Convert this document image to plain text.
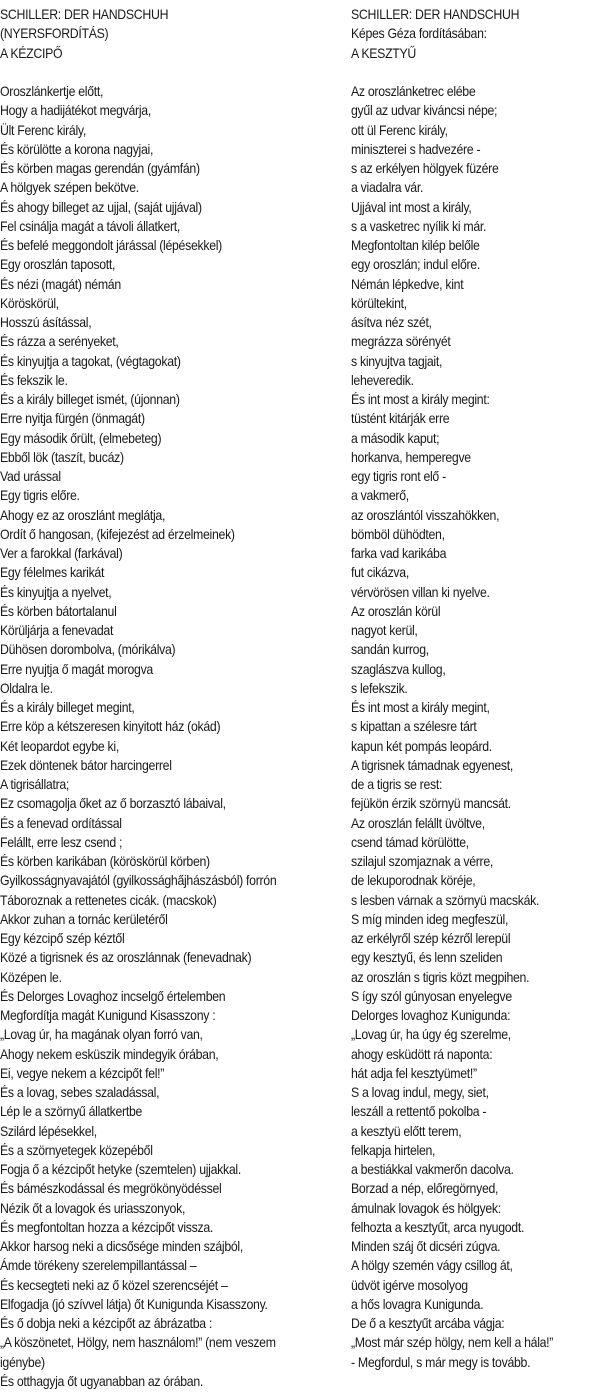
SCHILLER: DER HANDSCHUH
(NYERSFORDÍTÁS)
A KÉZCIPŐ
Oroszlánkertje előtt,
Hogy a hadijátékot megvárja,
Ült Ferenc király,
És körülötte a korona nagyjai,
És körben magas gerendán (gyámfán)
A hölgyek szépen bekötve.
És ahogy billeget az ujjal, (saját ujjával)
Fel csinálja magát a távoli állatkert,
És befelé meggondolt járással (lépésekkel)
Egy oroszlán taposott,
És nézi (magát) némán
Köröskörül,
Hosszú ásítással,
És rázza a serényeket,
És kinyujtja a tagokat, (végtagokat)
És fekszik le.
És a király billeget ismét, (újonnan)
Erre nyitja fürgén (önmagát)
Egy második őrült, (elmebeteg)
Ebből lök (taszít, bucáz)
Vad urással
Egy tigris előre.
Ahogy ez az oroszlánt meglátja,
Ordít ő hangosan, (kifejezést ad érzelmeinek)
Ver a farokkal (farkával)
Egy félelmes karikát
És kinyujtja a nyelvet,
És körben bátortalanul
Körüljárja a fenevadat
Dühösen dorombolva, (mórikálva)
Erre nyujtja ő magát morogva
Oldalra le.
És a király billeget megint,
Erre köp a kétszeresen kinyitott ház (okád)
Két leopardot egybe ki,
Ezek döntenek bátor harcingerrel
A tigrisállatra;
Ez csomagolja őket az ő borzasztó lábaival,
És a fenevad ordítással
Felállt, erre lesz csend ;
És körben karikában (köröskörül körben)
Gyilkosságnyavajától (gyilkosságha̋jhászásból) forrón
Táboroznak a rettenetes cicák. (macskok)
Akkor zuhan a tornác kerületéről
Egy kézcipő szép kéztől
Közé a tigrisnek és az oroszlánnak (fenevadnak)
Középen le.
És Delorges Lovaghoz incselgő értelemben
Megfordítja magát Kunigund Kisasszony :
„Lovag úr, ha magának olyan forró van,
Ahogy nekem esküszik mindegyik órában,
Ei, vegye nekem a kézcipőt fel!”
És a lovag, sebes szaladással,
Lép le a szörnyű állatkertbe
Szilárd lépésekkel,
És a szörnyetegek közepéből
Fogja ő a kézcipőt hetyke (szemtelen) ujjakkal.
És bámészkodással és megrökönyödéssel
Nézik őt a lovagok és uriasszonyok,
És megfontoltan hozza a kézcipőt vissza.
Akkor harsog neki a dicsősége minden szájból,
Ámde törékeny szerelempillantással –
És kecsegteti neki az ő közel szerencséjét –
Elfogadja (jó szívvel látja) őt Kunigunda Kisasszony.
És ő dobja neki a kézcipőt az ábrázatba :
„A köszönetet, Hölgy, nem használom!” (nem veszem
igénybe)
És otthagyja őt ugyanabban az órában.
SCHILLER: DER HANDSCHUH
Képes Géza fordításában:
A KESZTYŰ
Az oroszlánketrec elébe
gyűl az udvar kiváncsi népe;
ott ül Ferenc király,
miniszterei s hadvezére -
s az erkélyen hölgyek füzére
a viadalra vár.
Ujjával int most a király,
s a vasketrec nyílik ki már.
Megfontoltan kilép belőle
egy oroszlán; indul előre.
Némán lépkedve, kint
körültekint,
ásítva néz szét,
megrázza sörényét
s kinyujtva tagjait,
leheveredik.
És int most a király megint:
tüstént kitárják erre
a második kaput;
horkanva, hemperegve
egy tigris ront elő -
a vakmerő,
az oroszlántól visszahökken,
bömböl dühödten,
farka vad karikába
fut cikázva,
vérvörösen villan ki nyelve.
Az oroszlán körül
nagyot kerül,
sandán kurrog,
szaglászva kullog,
s lefekszik.
És int most a király megint,
s kipattan a szélesre tárt
kapun két pompás leopárd.
A tigrisnek támadnak egyenest,
de a tigris se rest:
fejükön érzik szörnyü mancsát.
Az oroszlán felállt üvöltve,
csend támad körülötte,
szilajul szomjaznak a vérre,
de lekuporodnak köréje,
s lesben várnak a szörnyü macskák.
S míg minden ideg megfeszül,
az erkélyről szép kézről lerepül
egy kesztyű, és lenn szeliden
az oroszlán s tigris közt megpihen.
S így szól gúnyosan enyelegve
Delorges lovaghoz Kunigunda:
„Lovag úr, ha úgy ég szerelme,
ahogy esküdött rá naponta:
hát adja fel kesztyümet!”
S a lovag indul, megy, siet,
leszáll a rettentő pokolba -
a kesztyü előtt terem,
felkapja hirtelen,
a bestiákkal vakmerőn dacolva.
Borzad a nép, előregörnyed,
ámulnak lovagok és hölgyek:
felhozta a kesztyűt, arca nyugodt.
Minden száj őt dicséri zúgva.
A hölgy szemén vágy csillog át,
üdvöt igérve mosolyog
a hős lovagra Kunigunda.
De ő a kesztyűt arcába vágja:
„Most már szép hölgy, nem kell a hála!”
- Megfordul, s már megy is tovább.
